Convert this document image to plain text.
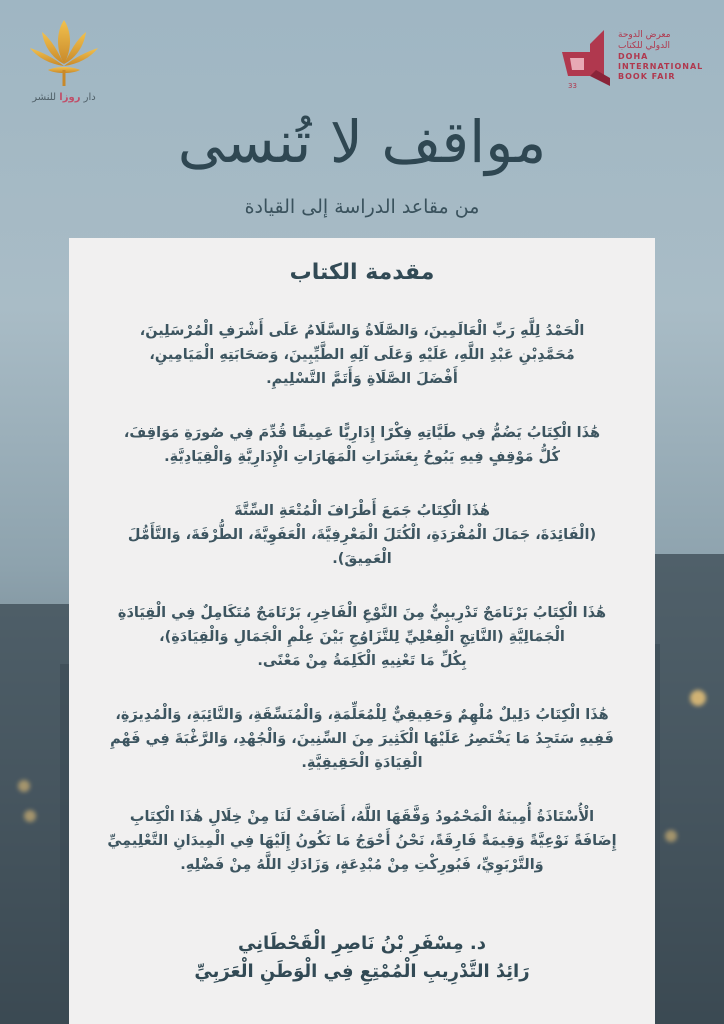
دار روزا للنشر
معرض الدوحة
الدولي للكتاب
DOHA
INTERNATIONAL
BOOK FAIR
33
مواقف لا تُنسى
من مقاعد الدراسة إلى القيادة
مقدمة الكتاب
الْحَمْدُ لِلَّهِ رَبِّ الْعَالَمِينَ، وَالصَّلَاةُ وَالسَّلَامُ عَلَى أَشْرَفِ الْمُرْسَلِينَ،
مُحَمَّدِبْنِ عَبْدِ اللَّهِ، عَلَيْهِ وَعَلَى آلِهِ الطَّيِّبِينَ، وَصَحَابَتِهِ الْمَيَامِينِ،
أَفْضَلَ الصَّلَاةِ وَأَتَمَّ التَّسْلِيمِ.
هَٰذَا الْكِتَابُ يَضُمُّ فِي طَيَّاتِهِ فِكْرًا إِدَارِيًّا عَمِيقًا قُدِّمَ فِي صُورَةِ مَوَاقِفَ،
كُلُّ مَوْقِفٍ فِيهِ يَبُوحُ بِعَشَرَاتِ الْمَهَارَاتِ الْإِدَارِيَّةِ وَالْقِيَادِيَّةِ.
هَٰذَا الْكِتَابُ جَمَعَ أَطْرَافَ الْمُتْعَةِ السِّتَّةَ
(الْفَائِدَةَ، جَمَالَ الْمُفْرَدَةِ، الْكُتَلَ الْمَعْرِفِيَّةَ، الْعَفَوِيَّةَ، الطُّرْفَةَ، وَالتَّأَمُّلَ
الْعَمِيقَ).
هَٰذَا الْكِتَابُ بَرْنَامَجٌ تَدْرِيبِيٌّ مِنَ النَّوْعِ الْفَاخِرِ، بَرْنَامَجٌ مُتَكَامِلٌ فِي الْقِيَادَةِ
الْجَمَالِيَّةِ (النَّاتِجِ الْفِعْلِيِّ لِلتَّزَاوُجِ بَيْنَ عِلْمِ الْجَمَالِ وَالْقِيَادَةِ)،
بِكُلِّ مَا تَعْنِيهِ الْكَلِمَةُ مِنْ مَعْنًى.
هَٰذَا الْكِتَابُ دَلِيلٌ مُلْهِمٌ وَحَقِيقِيٌّ لِلْمُعَلِّمَةِ، وَالْمُنَسِّقَةِ، وَالنَّائِبَةِ، وَالْمُدِيرَةِ،
فَفِيهِ سَتَجِدُ مَا يَخْتَصِرُ عَلَيْهَا الْكَثِيرَ مِنَ السِّنِينَ، وَالْجُهْدِ، وَالرَّغْبَةَ فِي فَهْمِ
الْقِيَادَةِ الْحَقِيقِيَّةِ.
الْأُسْتَاذَةُ أُمِينَةُ الْمَحْمُودُ وَفَّقَهَا اللَّهُ، أَضَافَتْ لَنَا مِنْ خِلَالِ هَٰذَا الْكِتَابِ
إِضَافَةً نَوْعِيَّةً وَقِيمَةً فَارِقَةً، نَحْنُ أَحْوَجُ مَا نَكُونُ إِلَيْهَا فِي الْمِيدَانِ التَّعْلِيمِيِّ
وَالتَّرْبَوِيِّ، فَبُورِكْتِ مِنْ مُبْدِعَةٍ، وَزَادَكِ اللَّهُ مِنْ فَضْلِهِ.
د. مِسْفَرِ بْنُ نَاصِرِ الْقَحْطَانِي
رَائِدُ التَّدْرِيبِ الْمُمْتِعِ فِي الْوَطَنِ الْعَرَبِيِّ
